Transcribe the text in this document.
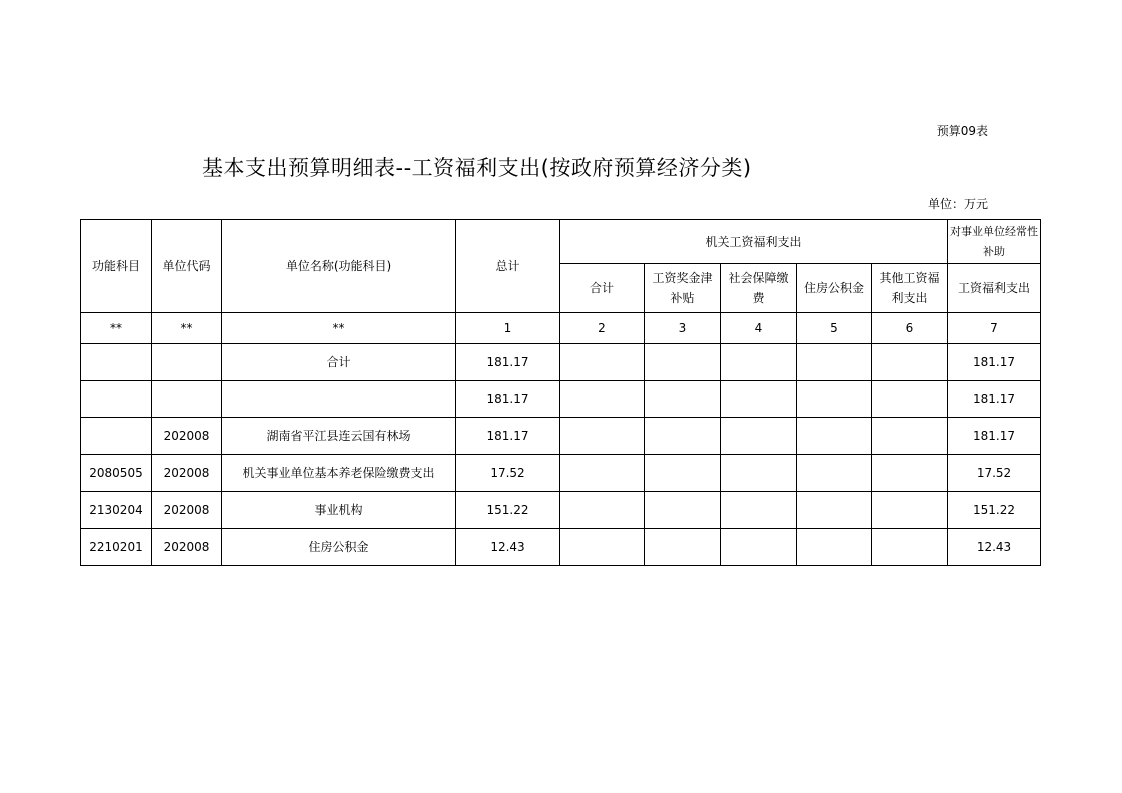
预算09表
基本支出预算明细表--工资福利支出(按政府预算经济分类)
单位：万元
功能科目	单位代码	单位名称(功能科目)	总计	机关工资福利支出					对事业单位经常性补助
				合计	工资奖金津补贴	社会保障缴费	住房公积金	其他工资福利支出	工资福利支出
**	**	**	1	2	3	4	5	6	7
		合计	181.17						181.17
			181.17						181.17
	202008	湖南省平江县连云国有林场	181.17						181.17
2080505	202008	机关事业单位基本养老保险缴费支出	17.52						17.52
2130204	202008	事业机构	151.22						151.22
2210201	202008	住房公积金	12.43						12.43
